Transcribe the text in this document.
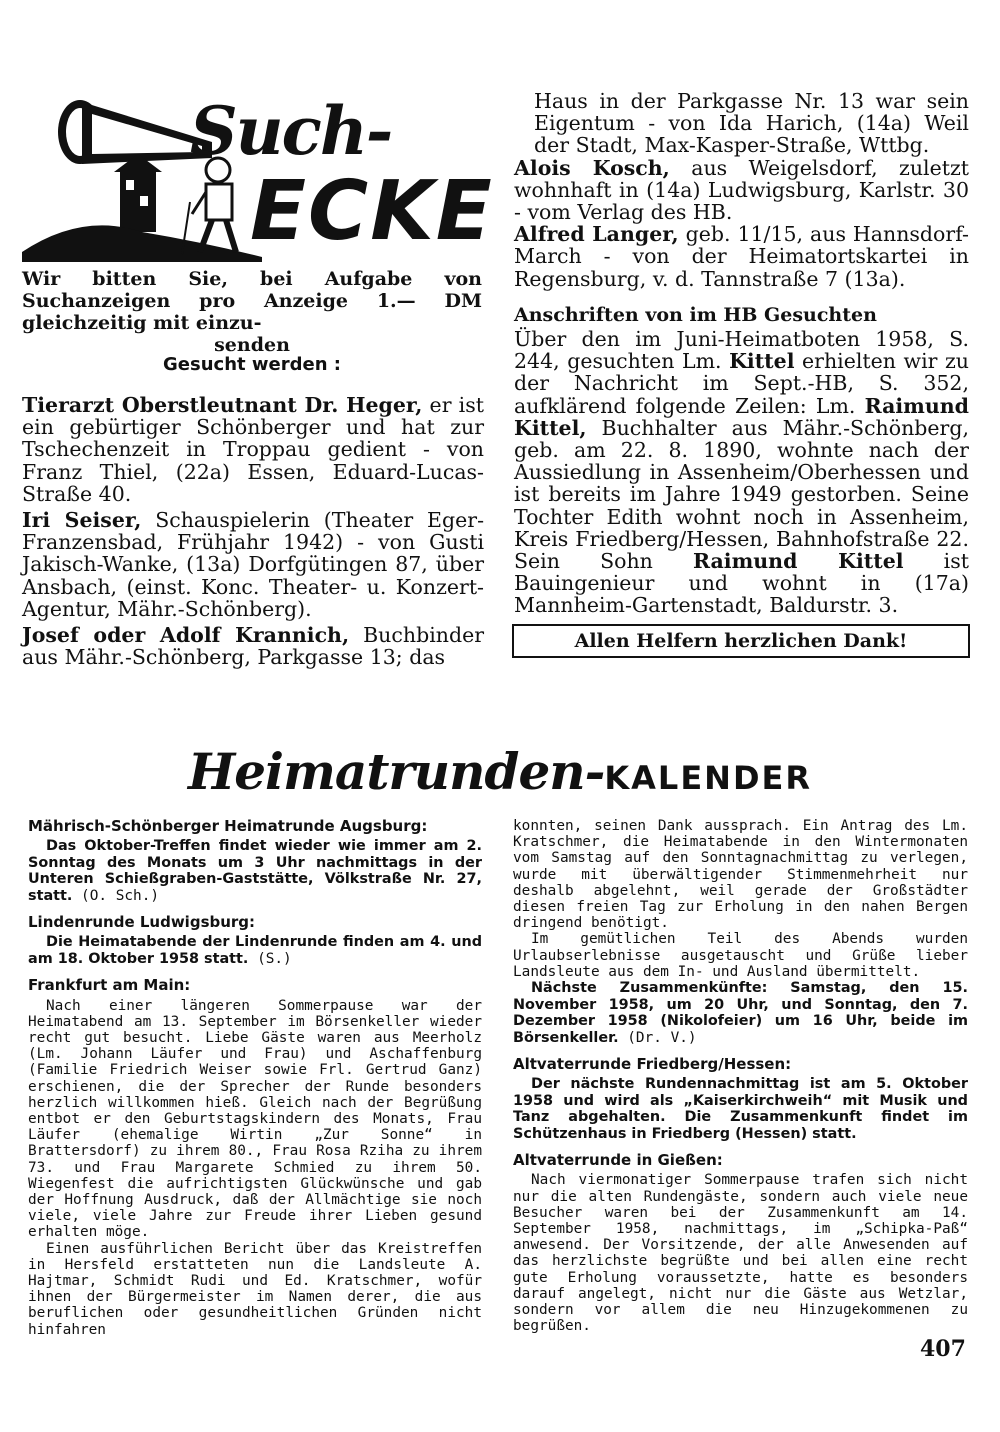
Such-
ECKE

Wir bitten Sie, bei Aufgabe von Suchanzeigen pro Anzeige 1.— DM gleichzeitig mit einzu-

senden

Gesucht werden :

Tierarzt Oberstleutnant Dr. Heger, er ist ein gebürtiger Schönberger und hat zur Tschechenzeit in Troppau gedient - von Franz Thiel, (22a) Essen, Eduard-Lucas-Straße 40.

Iri Seiser, Schauspielerin (Theater Eger-Franzensbad, Frühjahr 1942) - von Gusti Jakisch-Wanke, (13a) Dorfgütingen 87, über Ansbach, (einst. Konc. Theater- u. Konzert-Agentur, Mähr.-Schönberg).

Josef oder Adolf Krannich, Buchbinder aus Mähr.-Schönberg, Parkgasse 13; das

Haus in der Parkgasse Nr. 13 war sein Eigentum - von Ida Harich, (14a) Weil der Stadt, Max-Kasper-Straße, Wttbg.

Alois Kosch, aus Weigelsdorf, zuletzt wohnhaft in (14a) Ludwigsburg, Karlstr. 30 - vom Verlag des HB.

Alfred Langer, geb. 11/15, aus Hannsdorf-March - von der Heimatortskartei in Regensburg, v. d. Tannstraße 7 (13a).

Anschriften von im HB Gesuchten

Über den im Juni-Heimatboten 1958, S. 244, gesuchten Lm. Kittel erhielten wir zu der Nachricht im Sept.-HB, S. 352, aufklärend folgende Zeilen: Lm. Raimund Kittel, Buchhalter aus Mähr.-Schönberg, geb. am 22. 8. 1890, wohnte nach der Aussiedlung in Assenheim/Oberhessen und ist bereits im Jahre 1949 gestorben. Seine Tochter Edith wohnt noch in Assenheim, Kreis Friedberg/Hessen, Bahnhofstraße 22. Sein Sohn Raimund Kittel ist Bauingenieur und wohnt in (17a) Mannheim-Gartenstadt, Baldurstr. 3.

Allen Helfern herzlichen Dank!
Heimatrunden-KALENDER
Mährisch-Schönberger Heimatrunde Augsburg:

Das Oktober-Treffen findet wieder wie immer am 2. Sonntag des Monats um 3 Uhr nachmittags in der Unteren Schießgraben-Gaststätte, Völkstraße Nr. 27, statt. (O. Sch.)

Lindenrunde Ludwigsburg:

Die Heimatabende der Lindenrunde finden am 4. und am 18. Oktober 1958 statt. (S.)

Frankfurt am Main:

Nach einer längeren Sommerpause war der Heimatabend am 13. September im Börsenkeller wieder recht gut besucht. Liebe Gäste waren aus Meerholz (Lm. Johann Läufer und Frau) und Aschaffenburg (Familie Friedrich Weiser sowie Frl. Gertrud Ganz) erschienen, die der Sprecher der Runde besonders herzlich willkommen hieß. Gleich nach der Begrüßung entbot er den Geburtstagskindern des Monats, Frau Läufer (ehemalige Wirtin „Zur Sonne“ in Brattersdorf) zu ihrem 80., Frau Rosa Rziha zu ihrem 73. und Frau Margarete Schmied zu ihrem 50. Wiegenfest die aufrichtigsten Glückwünsche und gab der Hoffnung Ausdruck, daß der Allmächtige sie noch viele, viele Jahre zur Freude ihrer Lieben gesund erhalten möge.

Einen ausführlichen Bericht über das Kreistreffen in Hersfeld erstatteten nun die Landsleute A. Hajtmar, Schmidt Rudi und Ed. Kratschmer, wofür ihnen der Bürgermeister im Namen derer, die aus beruflichen oder gesundheitlichen Gründen nicht hinfahren

konnten, seinen Dank aussprach. Ein Antrag des Lm. Kratschmer, die Heimatabende in den Wintermonaten vom Samstag auf den Sonntagnachmittag zu verlegen, wurde mit überwältigender Stimmenmehrheit nur deshalb abgelehnt, weil gerade der Großstädter diesen freien Tag zur Erholung in den nahen Bergen dringend benötigt.

Im gemütlichen Teil des Abends wurden Urlaubserlebnisse ausgetauscht und Grüße lieber Landsleute aus dem In- und Ausland übermittelt.

Nächste Zusammenkünfte: Samstag, den 15. November 1958, um 20 Uhr, und Sonntag, den 7. Dezember 1958 (Nikolofeier) um 16 Uhr, beide im Börsenkeller. (Dr. V.)

Altvaterrunde Friedberg/Hessen:

Der nächste Rundennachmittag ist am 5. Oktober 1958 und wird als „Kaiserkirchweih“ mit Musik und Tanz abgehalten. Die Zusammenkunft findet im Schützenhaus in Friedberg (Hessen) statt.

Altvaterrunde in Gießen:

Nach viermonatiger Sommerpause trafen sich nicht nur die alten Rundengäste, sondern auch viele neue Besucher waren bei der Zusammenkunft am 14. September 1958, nachmittags, im „Schipka-Paß“ anwesend. Der Vorsitzende, der alle Anwesenden auf das herzlichste begrüßte und bei allen eine recht gute Erholung voraussetzte, hatte es besonders darauf angelegt, nicht nur die Gäste aus Wetzlar, sondern vor allem die neu Hinzugekommenen zu begrüßen.

407
